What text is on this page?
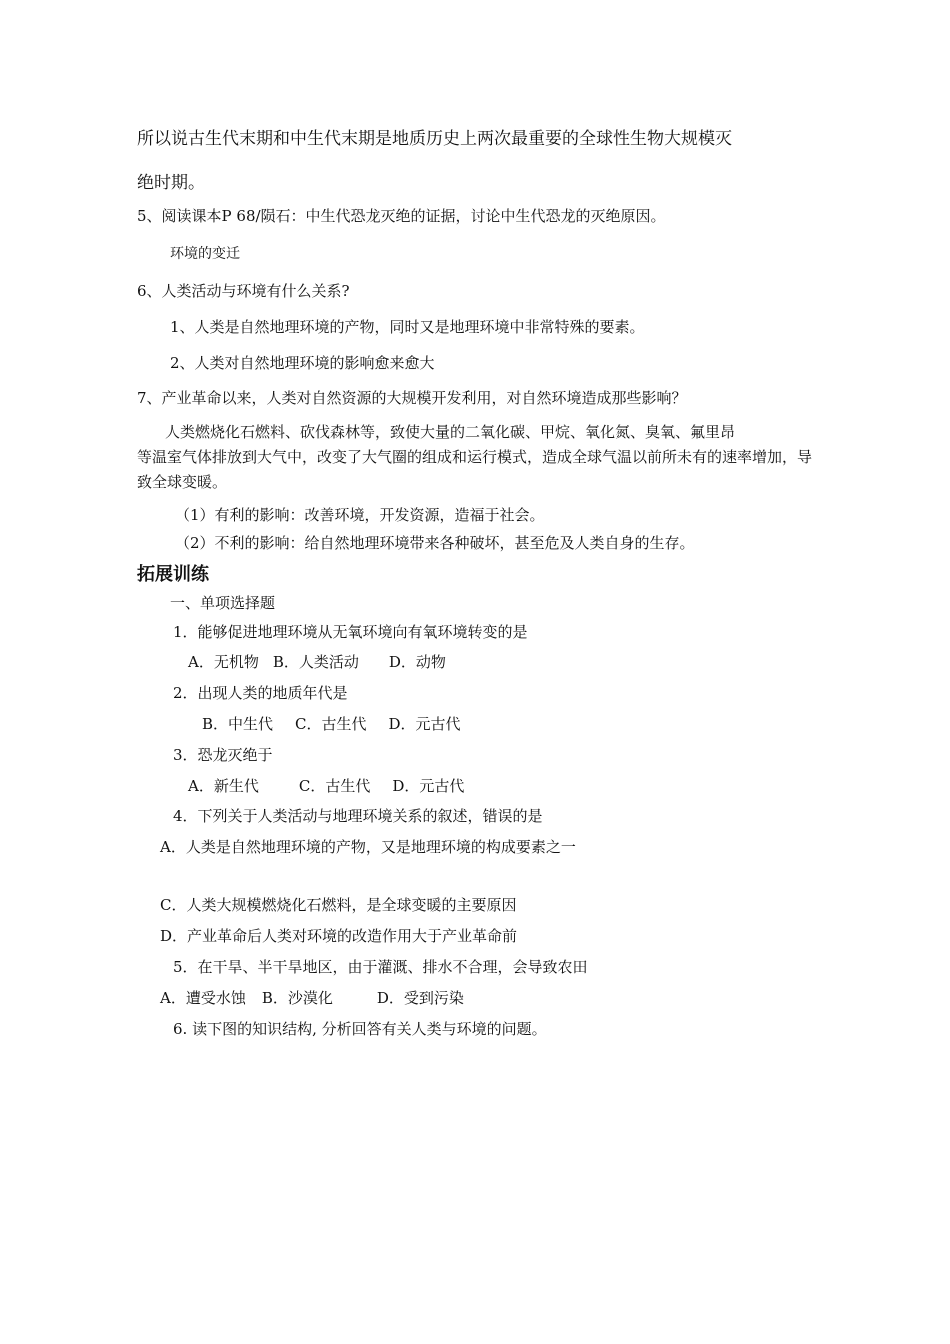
所以说古生代末期和中生代末期是地质历史上两次最重要的全球性生物大规模灭
绝时期。
5、阅读课本P 68/陨石：中生代恐龙灭绝的证据，讨论中生代恐龙的灭绝原因。
环境的变迁
6、人类活动与环境有什么关系?
1、人类是自然地理环境的产物，同时又是地理环境中非常特殊的要素。
2、人类对自然地理环境的影响愈来愈大
7、产业革命以来，人类对自然资源的大规模开发利用，对自然环境造成那些影响？
人类燃烧化石燃料、砍伐森林等，致使大量的二氧化碳、甲烷、氧化氮、臭氧、氟里昂
等温室气体排放到大气中，改变了大气圈的组成和运行模式，造成全球气温以前所未有的速率增加，导致全球变暖。
（1）有利的影响：改善环境，开发资源，造福于社会。
（2）不利的影响：给自然地理环境带来各种破坏，甚至危及人类自身的生存。
拓展训练
一、单项选择题
1．能够促进地理环境从无氧环境向有氧环境转变的是
A．无机物 B．人类活动 D．动物
2．出现人类的地质年代是
B．中生代 C．古生代 D．元古代
3．恐龙灭绝于
A．新生代	C．古生代 D．元古代
4．下列关于人类活动与地理环境关系的叙述，错误的是
A．人类是自然地理环境的产物，又是地理环境的构成要素之一
C．人类大规模燃烧化石燃料，是全球变暖的主要原因
D．产业革命后人类对环境的改造作用大于产业革命前
5．在干旱、半干旱地区，由于灌溉、排水不合理，会导致农田
A．遭受水蚀 B．沙漠化	D．受到污染
6. 读下图的知识结构, 分析回答有关人类与环境的问题。
